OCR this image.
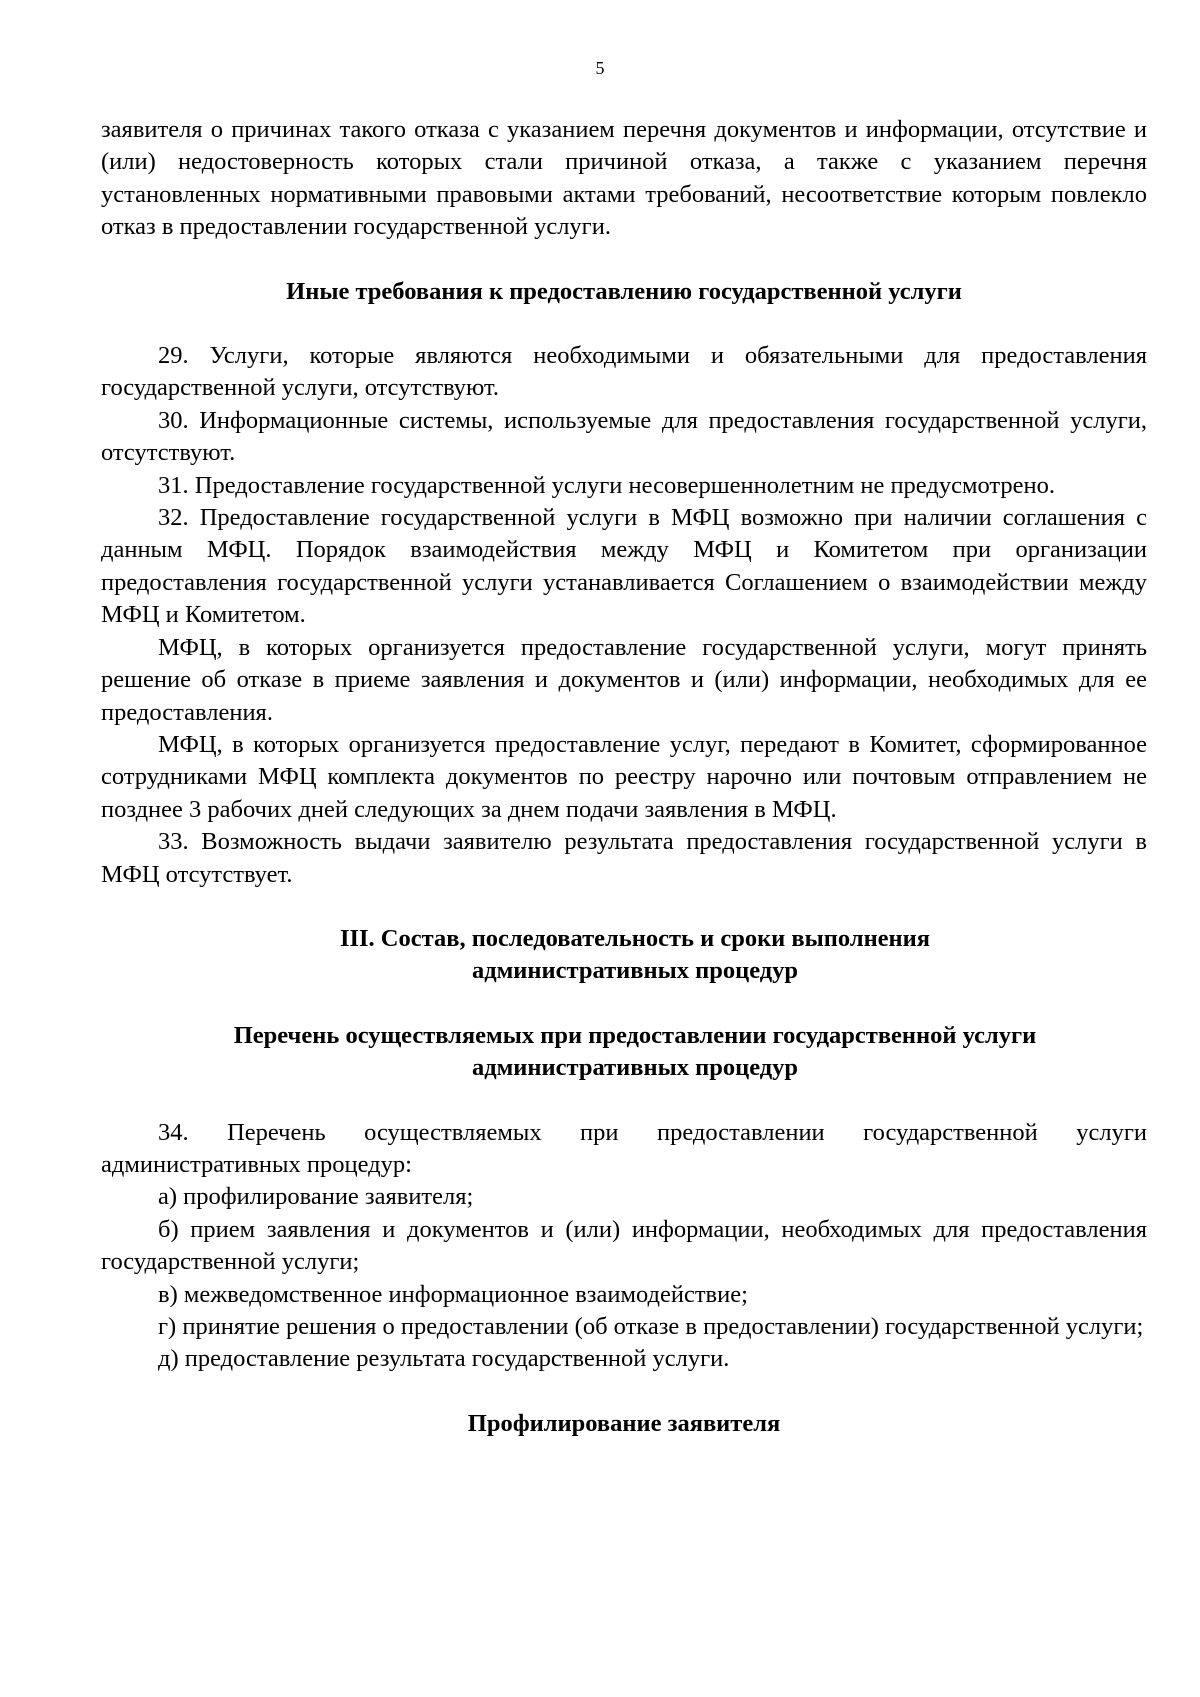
5

заявителя о причинах такого отказа с указанием перечня документов и информации, отсутствие и (или) недостоверность которых стали причиной отказа, а также с указанием перечня установленных нормативными правовыми актами требований, несоответствие которым повлекло отказ в предоставлении государственной услуги.

Иные требования к предоставлению государственной услуги

29. Услуги, которые являются необходимыми и обязательными для предоставления государственной услуги, отсутствуют.

30. Информационные системы, используемые для предоставления государственной услуги, отсутствуют.

31. Предоставление государственной услуги несовершеннолетним не предусмотрено.

32. Предоставление государственной услуги в МФЦ возможно при наличии соглашения с данным МФЦ. Порядок взаимодействия между МФЦ и Комитетом при организации предоставления государственной услуги устанавливается Соглашением о взаимодействии между МФЦ и Комитетом.

МФЦ, в которых организуется предоставление государственной услуги, могут принять решение об отказе в приеме заявления и документов и (или) информации, необходимых для ее предоставления.

МФЦ, в которых организуется предоставление услуг, передают в Комитет, сформированное сотрудниками МФЦ комплекта документов по реестру нарочно или почтовым отправлением не позднее 3 рабочих дней следующих за днем подачи заявления в МФЦ.

33. Возможность выдачи заявителю результата предоставления государственной услуги в МФЦ отсутствует.

III. Состав, последовательность и сроки выполнения
административных процедур
Перечень осуществляемых при предоставлении государственной услуги
административных процедур

34. Перечень осуществляемых при предоставлении государственной услуги административных процедур:

а) профилирование заявителя;

б) прием заявления и документов и (или) информации, необходимых для предоставления государственной услуги;

в) межведомственное информационное взаимодействие;

г) принятие решения о предоставлении (об отказе в предоставлении) государственной услуги;

д) предоставление результата государственной услуги.

Профилирование заявителя
